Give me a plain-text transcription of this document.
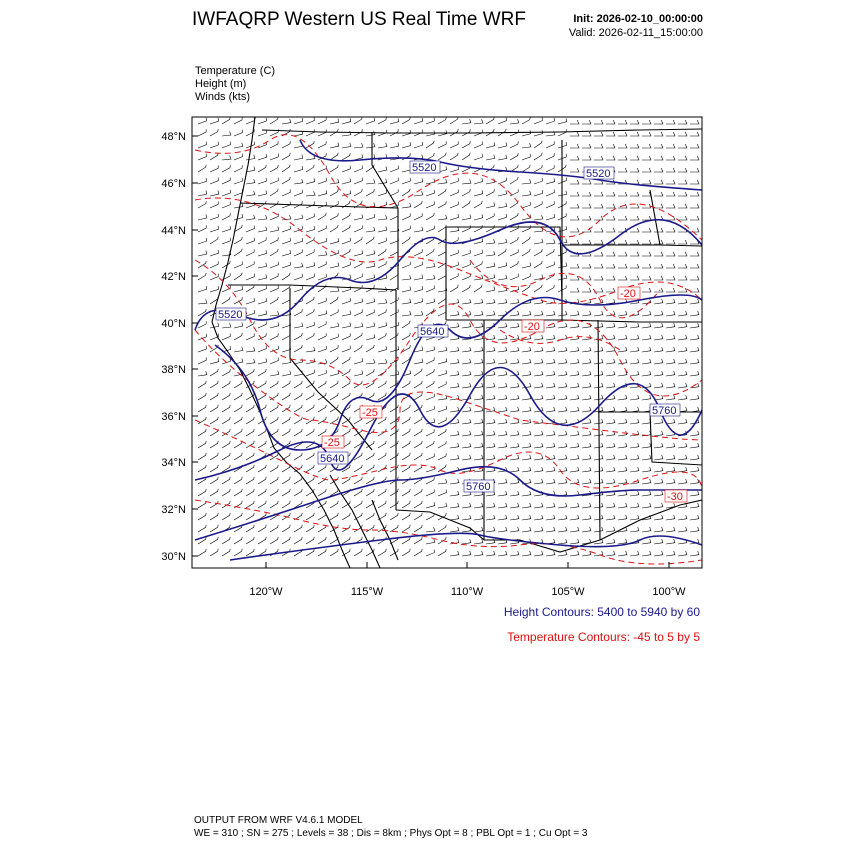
IWFAQRP Western US Real Time WRF	Init: 2026-02-10_00:00:00
Valid: 2026-02-11_15:00:00
Temperature (C)
Height (m)
Winds (kts)
5520	5520
5520
5640
5640
5760
5760
-20
-20
-25
-25
-30
30°N
32°N
34°N
36°N
38°N
40°N
42°N
44°N
46°N
48°N
120°W	115°W	110°W	105°W	100°W
Height Contours: 5400 to 5940 by 60
Temperature Contours: -45 to 5 by 5
OUTPUT FROM WRF V4.6.1 MODEL
WE = 310 ; SN = 275 ; Levels = 38 ; Dis = 8km ; Phys Opt = 8 ; PBL Opt = 1 ; Cu Opt = 3
